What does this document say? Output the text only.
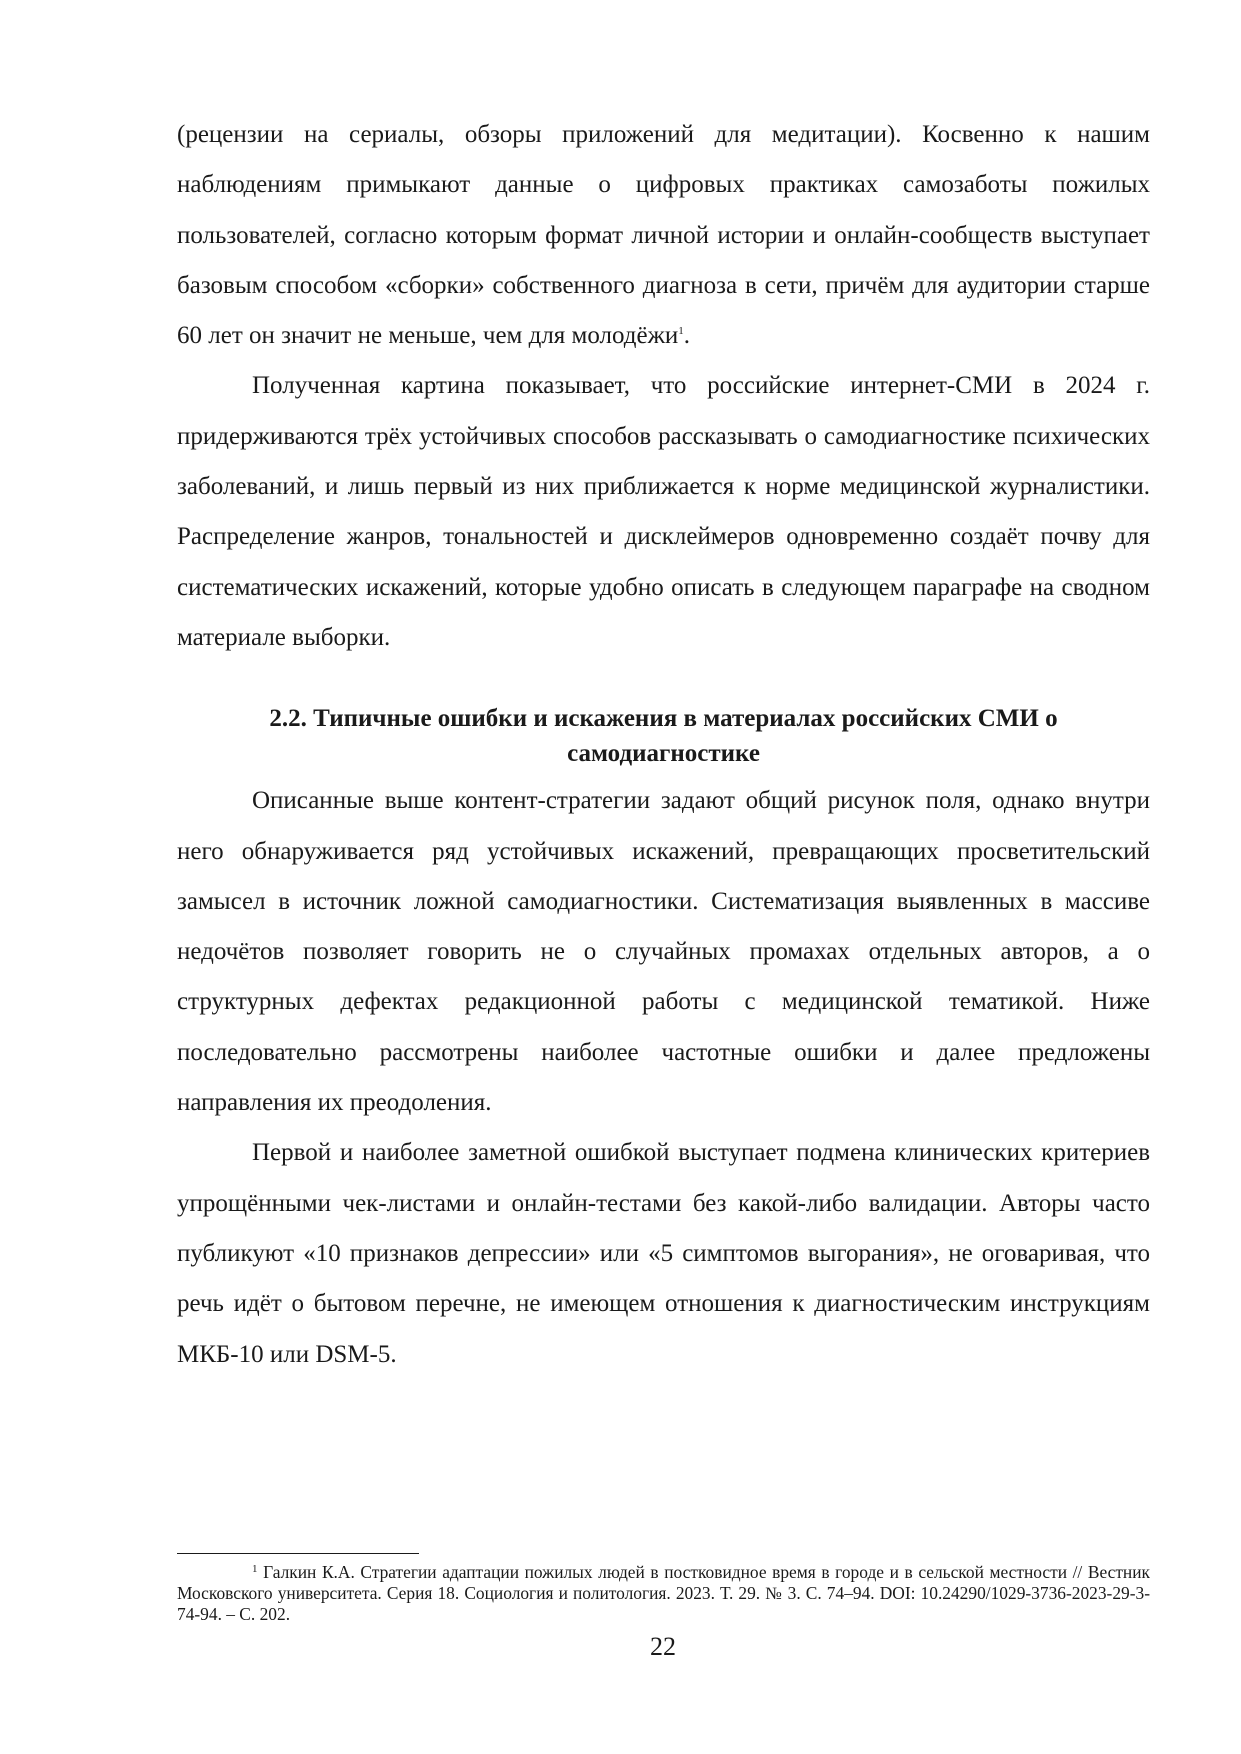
(рецензии на сериалы, обзоры приложений для медитации). Косвенно к нашим наблюдениям примыкают данные о цифровых практиках самозаботы пожилых пользователей, согласно которым формат личной истории и онлайн-сообществ выступает базовым способом «сборки» собственного диагноза в сети, причём для аудитории старше 60 лет он значит не меньше, чем для молодёжи$^1$.

Полученная картина показывает, что российские интернет-СМИ в 2024 г. придерживаются трёх устойчивых способов рассказывать о самодиагностике психических заболеваний, и лишь первый из них приближается к норме медицинской журналистики. Распределение жанров, тональностей и дисклеймеров одновременно создаёт почву для систематических искажений, которые удобно описать в следующем параграфе на сводном материале выборки.

2.2. Типичные ошибки и искажения в материалах российских СМИ о
самодиагностике

Описанные выше контент-стратегии задают общий рисунок поля, однако внутри него обнаруживается ряд устойчивых искажений, превращающих просветительский замысел в источник ложной самодиагностики. Систематизация выявленных в массиве недочётов позволяет говорить не о случайных промахах отдельных авторов, а о структурных дефектах редакционной работы с медицинской тематикой. Ниже последовательно рассмотрены наиболее частотные ошибки и далее предложены направления их преодоления.

Первой и наиболее заметной ошибкой выступает подмена клинических критериев упрощёнными чек-листами и онлайн-тестами без какой-либо валидации. Авторы часто публикуют «10 признаков депрессии» или «5 симптомов выгорания», не оговаривая, что речь идёт о бытовом перечне, не имеющем отношения к диагностическим инструкциям МКБ-10 или DSM-5.

$^1$ Галкин К.А. Стратегии адаптации пожилых людей в постковидное время в городе и в сельской местности // Вестник Московского университета. Серия 18. Социология и политология. 2023. Т. 29. № 3. С. 74–94. DOI: 10.24290/1029-3736-2023-29-3-74-94. – С. 202.

22
